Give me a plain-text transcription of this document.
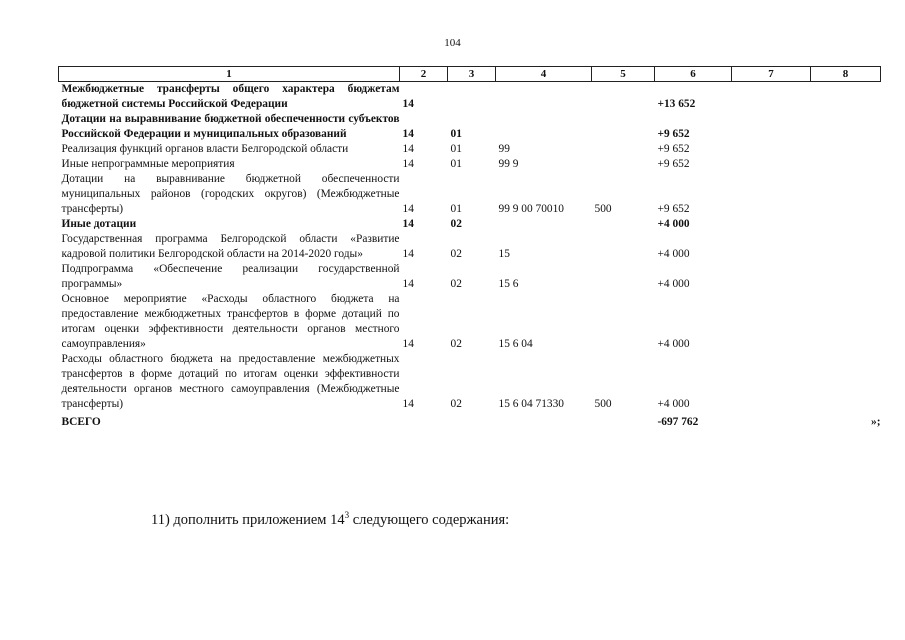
104
1	2	3	4	5	6	7	8
Межбюджетные трансферты общего характера бюджетам бюджетной системы Российской Федерации	14				+13 652		
Дотации на выравнивание бюджетной обеспеченности субъектов Российской Федерации и муниципальных образований	14	01			+9 652		
Реализация функций органов власти Белгородской области	14	01	99		+9 652		
Иные непрограммные мероприятия	14	01	99 9		+9 652		
Дотации на выравнивание бюджетной обеспеченности муниципальных районов (городских округов) (Межбюджетные трансферты)	14	01	99 9 00 70010	500	+9 652		
Иные дотации	14	02			+4 000		
Государственная программа Белгородской области «Развитие кадровой политики Белгородской области на 2014-2020 годы»	14	02	15		+4 000		
Подпрограмма «Обеспечение реализации государственной программы»	14	02	15 6		+4 000		
Основное мероприятие «Расходы областного бюджета на предоставление межбюджетных трансфертов в форме дотаций по итогам оценки эффективности деятельности органов местного самоуправления»	14	02	15 6 04		+4 000		
Расходы областного бюджета на предоставление межбюджетных трансфертов в форме дотаций по итогам оценки эффективности деятельности органов местного самоуправления (Межбюджетные трансферты)	14	02	15 6 04 71330	500	+4 000		
ВСЕГО					-697 762		»;
11) дополнить приложением $14^3$ следующего содержания:
